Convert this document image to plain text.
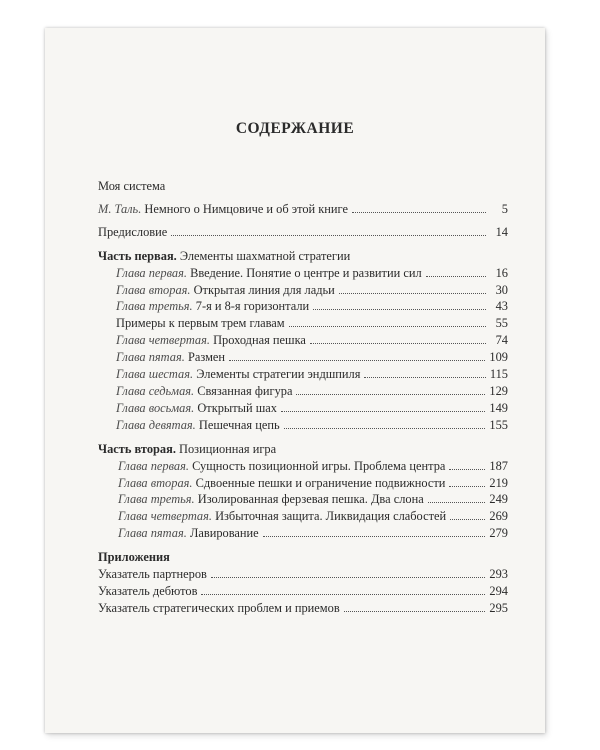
СОДЕРЖАНИЕ
Моя система
М. Таль. Немного о Нимцовиче и об этой книге	5
Предисловие	14
Часть первая. Элементы шахматной стратегии
Глава первая. Введение. Понятие о центре и развитии сил	16
Глава вторая. Открытая линия для ладьи	30
Глава третья. 7-я и 8-я горизонтали	43
Примеры к первым трем главам	55
Глава четвертая. Проходная пешка	74
Глава пятая. Размен	109
Глава шестая. Элементы стратегии эндшпиля	115
Глава седьмая. Связанная фигура	129
Глава восьмая. Открытый шах	149
Глава девятая. Пешечная цепь	155
Часть вторая. Позиционная игра
Глава первая. Сущность позиционной игры. Проблема центра	187
Глава вторая. Сдвоенные пешки и ограничение подвижности	219
Глава третья. Изолированная ферзевая пешка. Два слона	249
Глава четвертая. Избыточная защита. Ликвидация слабостей	269
Глава пятая. Лавирование	279
Приложения
Указатель партнеров	293
Указатель дебютов	294
Указатель стратегических проблем и приемов	295
